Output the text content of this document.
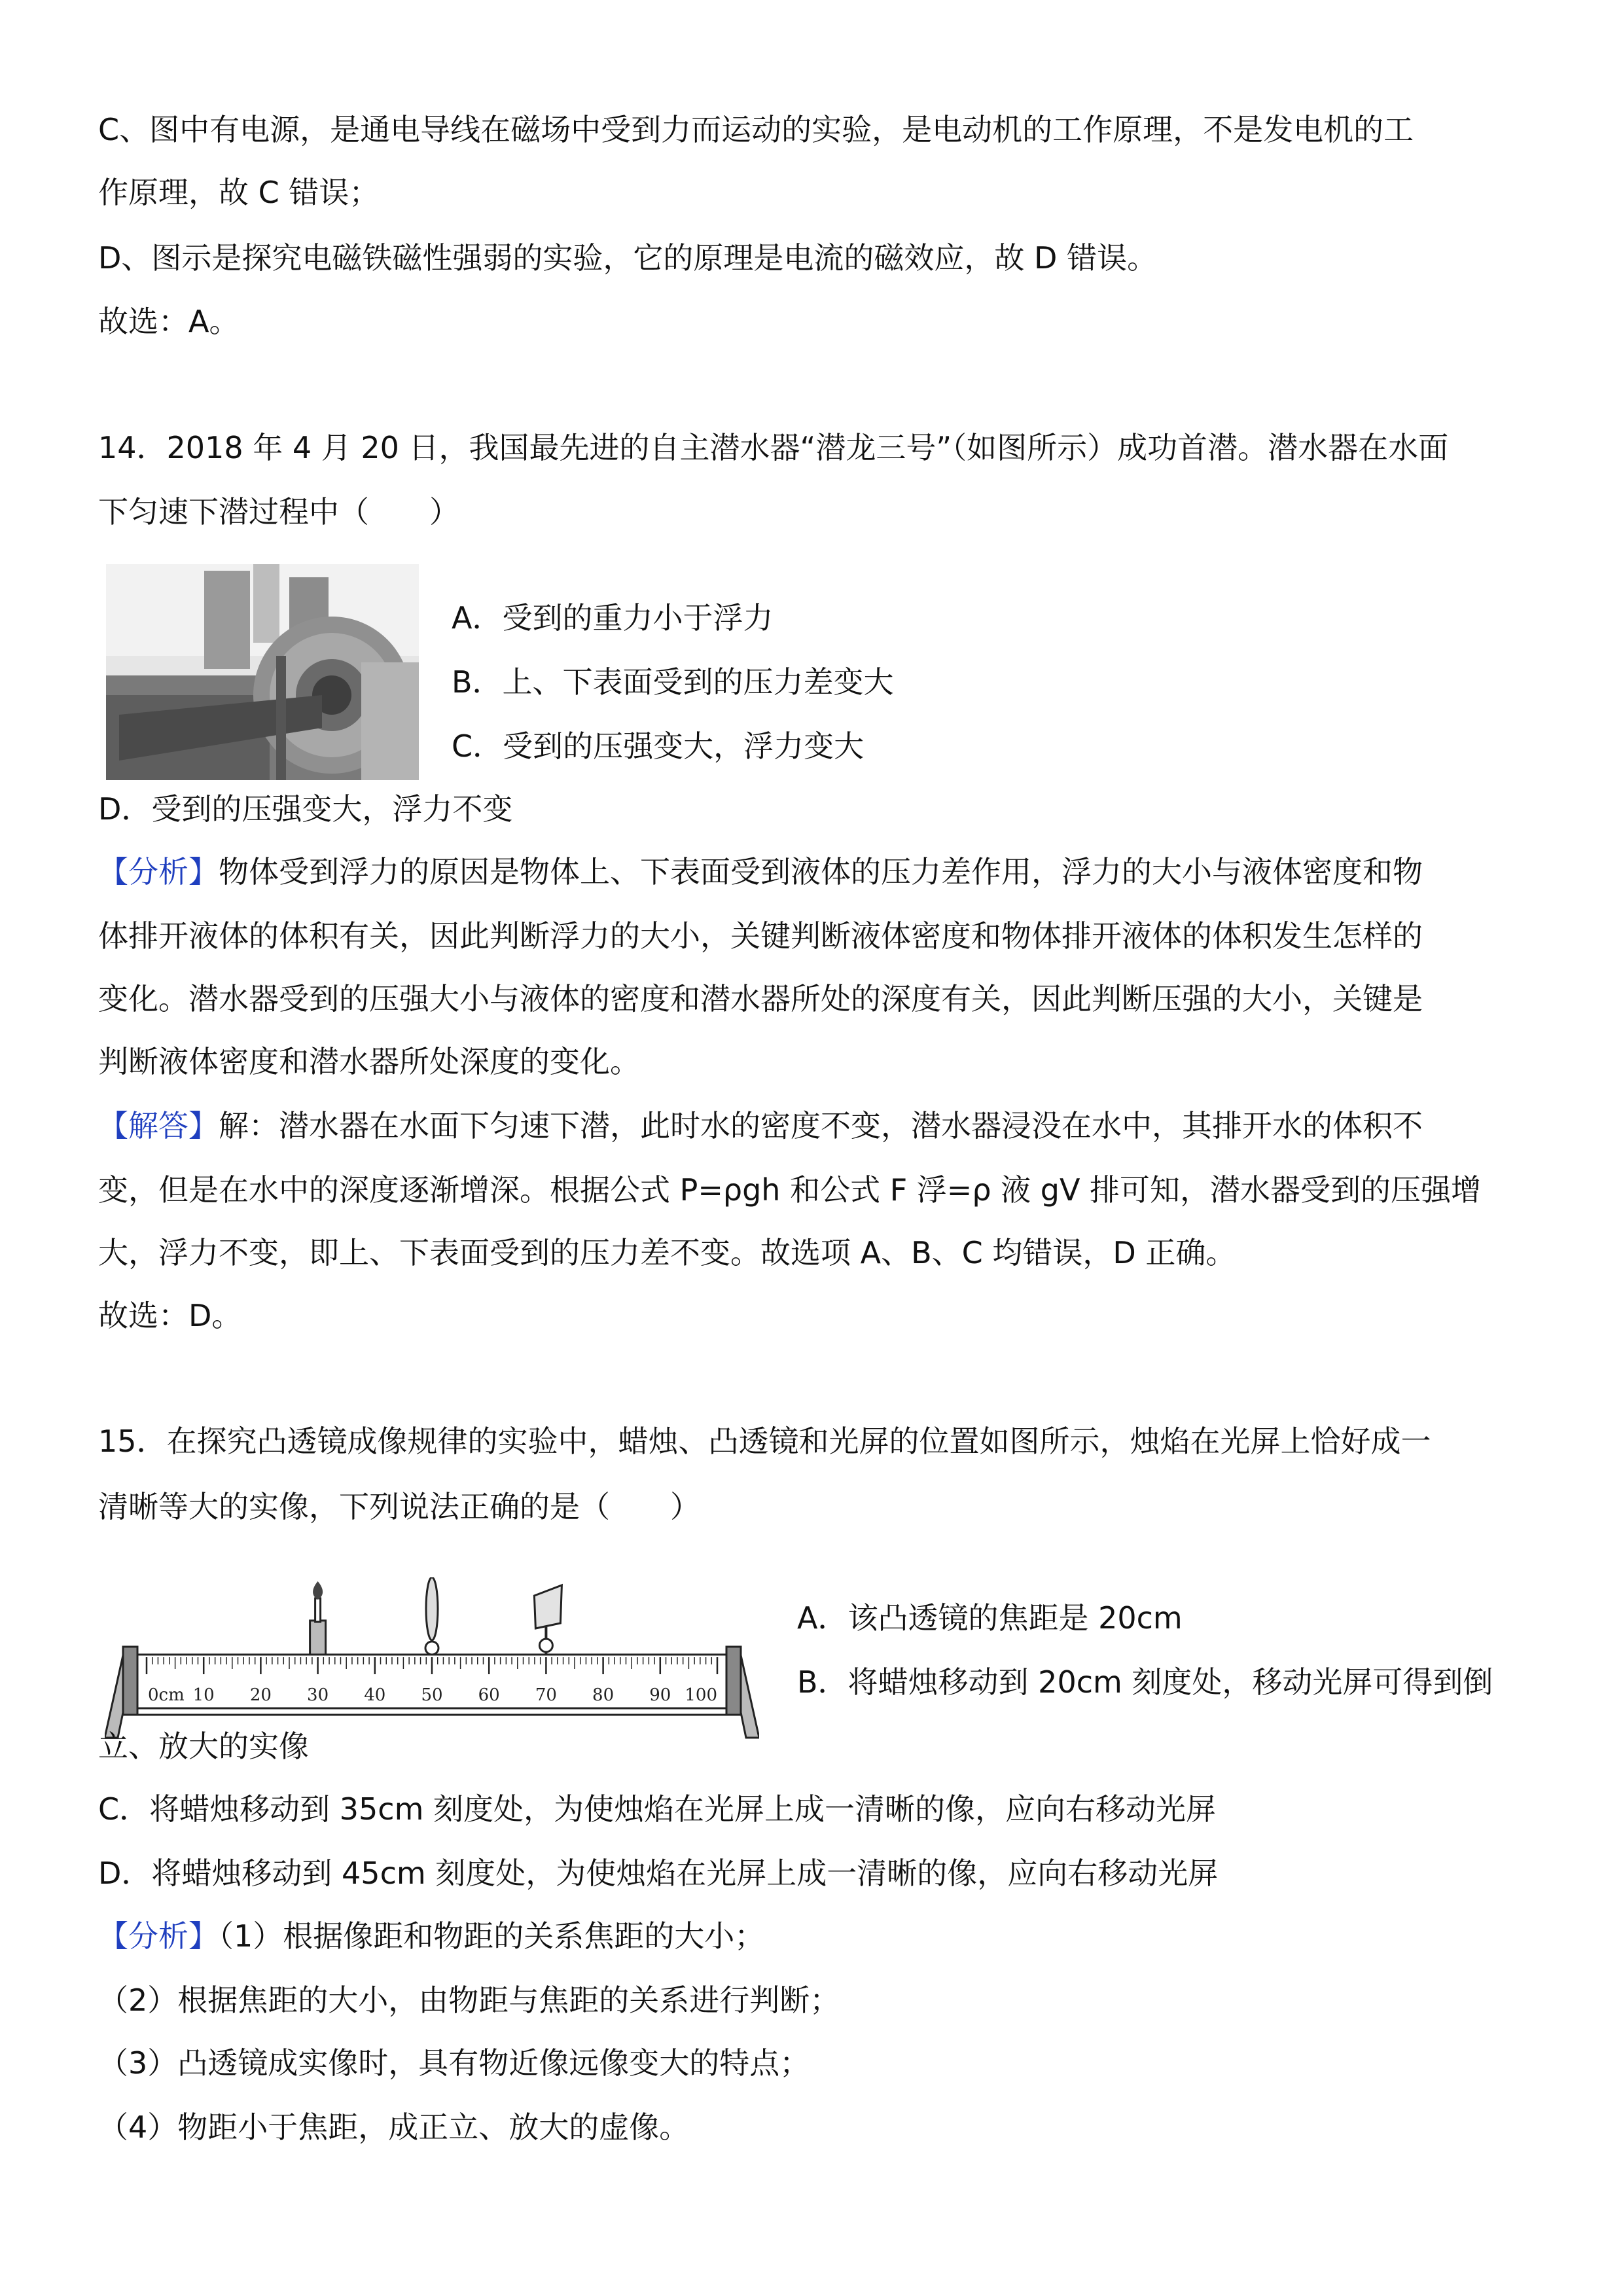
C、图中有电源，是通电导线在磁场中受到力而运动的实验，是电动机的工作原理，不是发电机的工
作原理，故 C 错误；
D、图示是探究电磁铁磁性强弱的实验，它的原理是电流的磁效应，故 D 错误。
故选：A。
14．2018 年 4 月 20 日，我国最先进的自主潜水器“潜龙三号”（如图所示）成功首潜。潜水器在水面
下匀速下潜过程中（　　）
A．受到的重力小于浮力
B．上、下表面受到的压力差变大
C．受到的压强变大，浮力变大
D．受到的压强变大，浮力不变
【分析】物体受到浮力的原因是物体上、下表面受到液体的压力差作用，浮力的大小与液体密度和物
体排开液体的体积有关，因此判断浮力的大小，关键判断液体密度和物体排开液体的体积发生怎样的
变化。潜水器受到的压强大小与液体的密度和潜水器所处的深度有关，因此判断压强的大小，关键是
判断液体密度和潜水器所处深度的变化。
【解答】解：潜水器在水面下匀速下潜，此时水的密度不变，潜水器浸没在水中，其排开水的体积不
变，但是在水中的深度逐渐增深。根据公式 P=ρgh 和公式 F 浮=ρ 液 gV 排可知，潜水器受到的压强增
大，浮力不变，即上、下表面受到的压力差不变。故选项 A、B、C 均错误，D 正确。
故选：D。
15．在探究凸透镜成像规律的实验中，蜡烛、凸透镜和光屏的位置如图所示，烛焰在光屏上恰好成一
清晰等大的实像，下列说法正确的是（　　）
0cm 10 20 30 40 50 60 70 80 90 100
A．该凸透镜的焦距是 20cm
B．将蜡烛移动到 20cm 刻度处，移动光屏可得到倒
立、放大的实像
C．将蜡烛移动到 35cm 刻度处，为使烛焰在光屏上成一清晰的像，应向右移动光屏
D．将蜡烛移动到 45cm 刻度处，为使烛焰在光屏上成一清晰的像，应向右移动光屏
【分析】（1）根据像距和物距的关系焦距的大小；
（2）根据焦距的大小，由物距与焦距的关系进行判断；
（3）凸透镜成实像时，具有物近像远像变大的特点；
（4）物距小于焦距，成正立、放大的虚像。
